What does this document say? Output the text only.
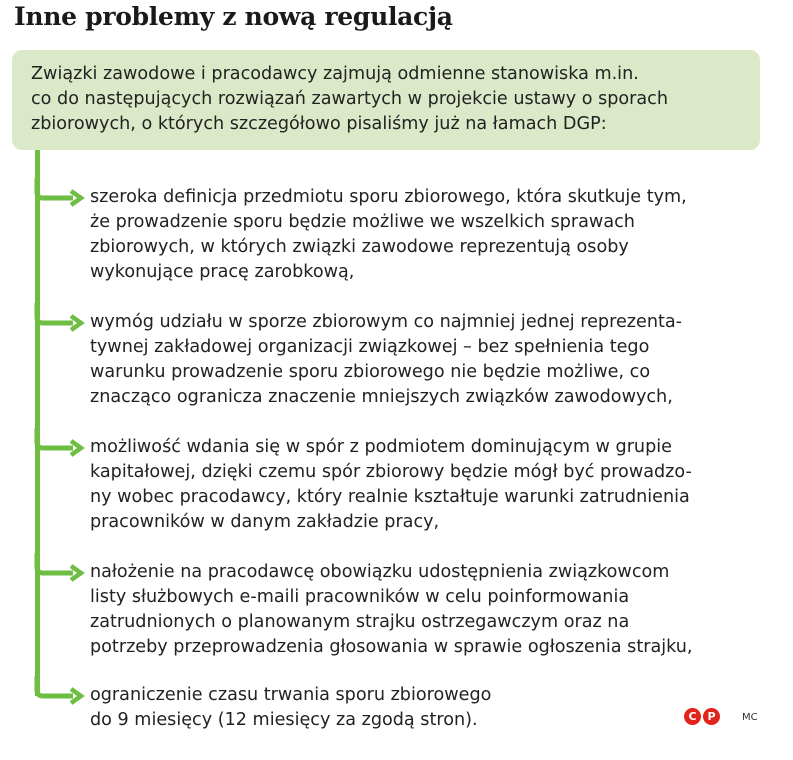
Inne problemy z nową regulacją
Związki zawodowe i pracodawcy zajmują odmienne stanowiska m.in.
co do następujących rozwiązań zawartych w projekcie ustawy o sporach
zbiorowych, o których szczegółowo pisaliśmy już na łamach DGP:
szeroka definicja przedmiotu sporu zbiorowego, która skutkuje tym,
że prowadzenie sporu będzie możliwe we wszelkich sprawach
zbiorowych, w których związki zawodowe reprezentują osoby
wykonujące pracę zarobkową,
wymóg udziału w sporze zbiorowym co najmniej jednej reprezenta-
tywnej zakładowej organizacji związkowej – bez spełnienia tego
warunku prowadzenie sporu zbiorowego nie będzie możliwe, co
znacząco ogranicza znaczenie mniejszych związków zawodowych,
możliwość wdania się w spór z podmiotem dominującym w grupie
kapitałowej, dzięki czemu spór zbiorowy będzie mógł być prowadzo-
ny wobec pracodawcy, który realnie kształtuje warunki zatrudnienia
pracowników w danym zakładzie pracy,
nałożenie na pracodawcę obowiązku udostępnienia związkowcom
listy służbowych e-maili pracowników w celu poinformowania
zatrudnionych o planowanym strajku ostrzegawczym oraz na
potrzeby przeprowadzenia głosowania w sprawie ogłoszenia strajku,
ograniczenie czasu trwania sporu zbiorowego
do 9 miesięcy (12 miesięcy za zgodą stron).	C P	MC
